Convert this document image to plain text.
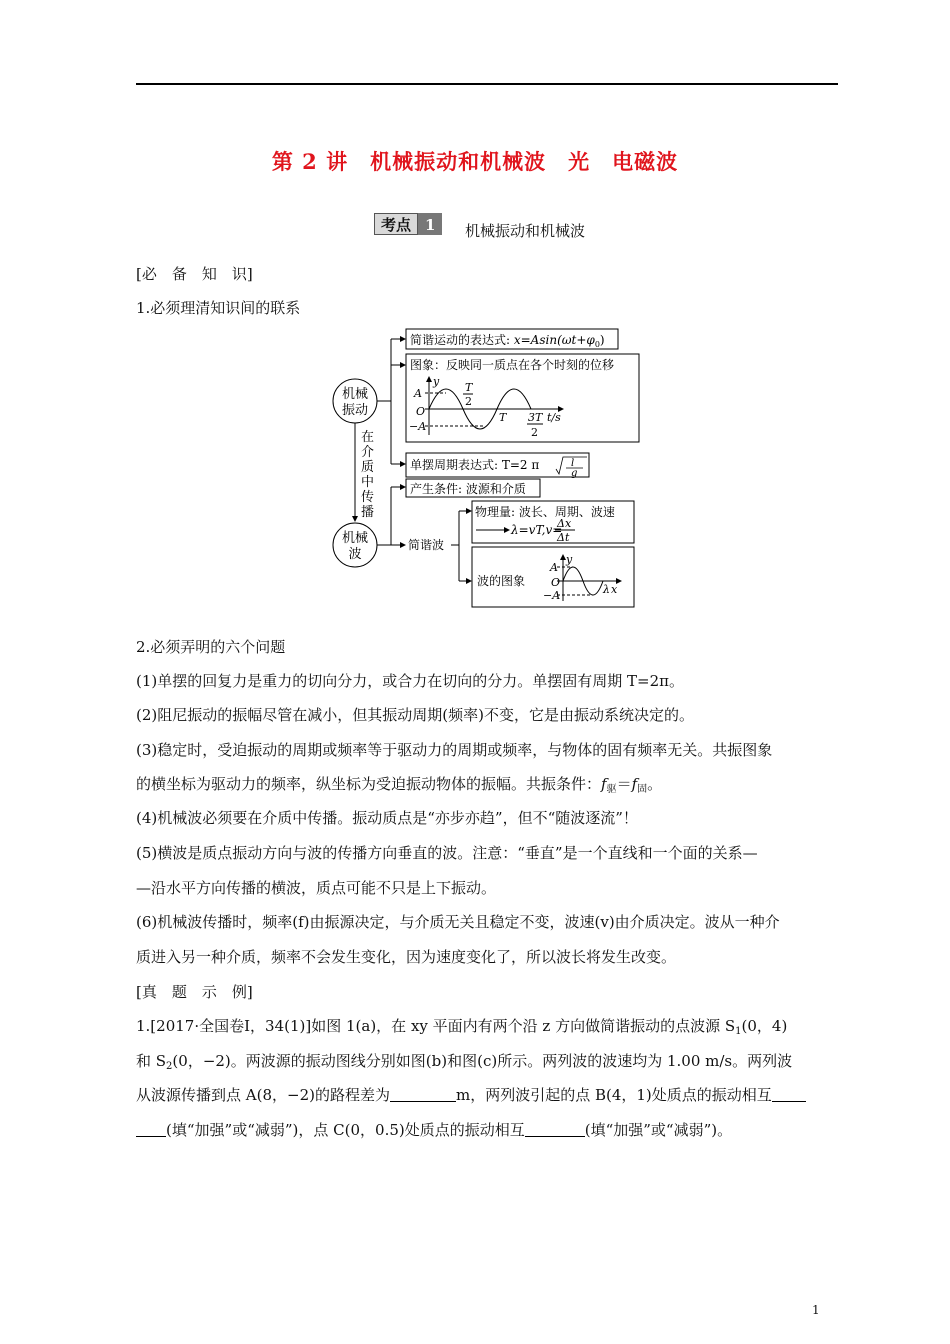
第 2 讲　机械振动和机械波　光　电磁波
考点 1	机械振动和机械波
[必　备　知　识]
1.必须理清知识间的联系
机械
振动
机械
波
在
介
质
中
传
播
简谐运动的表达式: $x=Asin(\omega t+\varphi_0)$
图象：反映同一质点在各个时刻的位移
y
A
O
−A
T
2
T 3T
2
t/s
单摆周期表达式: T=2 π	l
g
产生条件: 波源和介质
简谐波
物理量: 波长、周期、波速
λ=vT,v=
Δx
Δt
波的图象
y
A
O
−A	λ x
2.必须弄明的六个问题
(1)单摆的回复力是重力的切向分力，或合力在切向的分力。单摆固有周期 T=2π。
(2)阻尼振动的振幅尽管在减小，但其振动周期(频率)不变，它是由振动系统决定的。
(3)稳定时，受迫振动的周期或频率等于驱动力的周期或频率，与物体的固有频率无关。共振图象
的横坐标为驱动力的频率，纵坐标为受迫振动物体的振幅。共振条件：$f_驱=f_固$。
(4)机械波必须要在介质中传播。振动质点是“亦步亦趋”，但不“随波逐流”！
(5)横波是质点振动方向与波的传播方向垂直的波。注意：“垂直”是一个直线和一个面的关系—
—沿水平方向传播的横波，质点可能不只是上下振动。
(6)机械波传播时，频率(f)由振源决定，与介质无关且稳定不变，波速(v)由介质决定。波从一种介
质进入另一种介质，频率不会发生变化，因为速度变化了，所以波长将发生改变。
[真　题　示　例]
1.[2017·全国卷Ⅰ，34(1)]如图 1(a)，在 xy 平面内有两个沿 z 方向做简谐振动的点波源 $S_1(0$，4)
和 $S_2(0$，−2)。两波源的振动图线分别如图(b)和图(c)所示。两列波的波速均为 1.00 m/s。两列波
从波源传播到点 A(8，−2)的路程差为	m，两列波引起的点 B(4，1)处质点的振动相互
(填“加强”或“减弱”)，点 C(0，0.5)处质点的振动相互	(填“加强”或“减弱”)。
1
